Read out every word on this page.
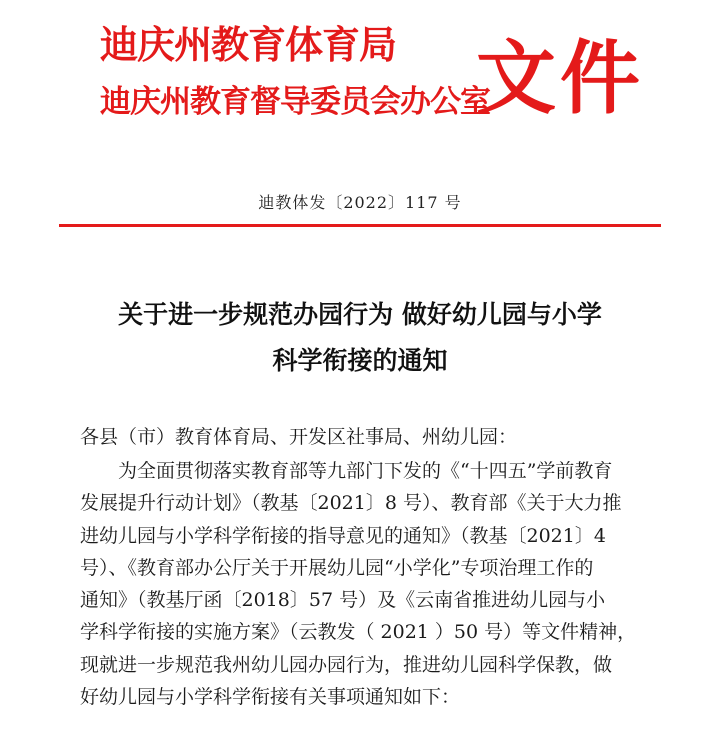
迪庆州教育体育局
迪庆州教育督导委员会办公室
文件
迪教体发〔2022〕117 号
关于进一步规范办园行为 做好幼儿园与小学
科学衔接的通知
各县（市）教育体育局、开发区社事局、州幼儿园：
为全面贯彻落实教育部等九部门下发的《“十四五”学前教育
发展提升行动计划》（教基〔2021〕8 号）、教育部《关于大力推
进幼儿园与小学科学衔接的指导意见的通知》（教基〔2021〕4
号）、《教育部办公厅关于开展幼儿园“小学化”专项治理工作的
通知》（教基厅函〔2018〕57 号）及《云南省推进幼儿园与小
学科学衔接的实施方案》（云教发（ 2021 ）50 号）等文件精神，
现就进一步规范我州幼儿园办园行为，推进幼儿园科学保教，做
好幼儿园与小学科学衔接有关事项通知如下：
